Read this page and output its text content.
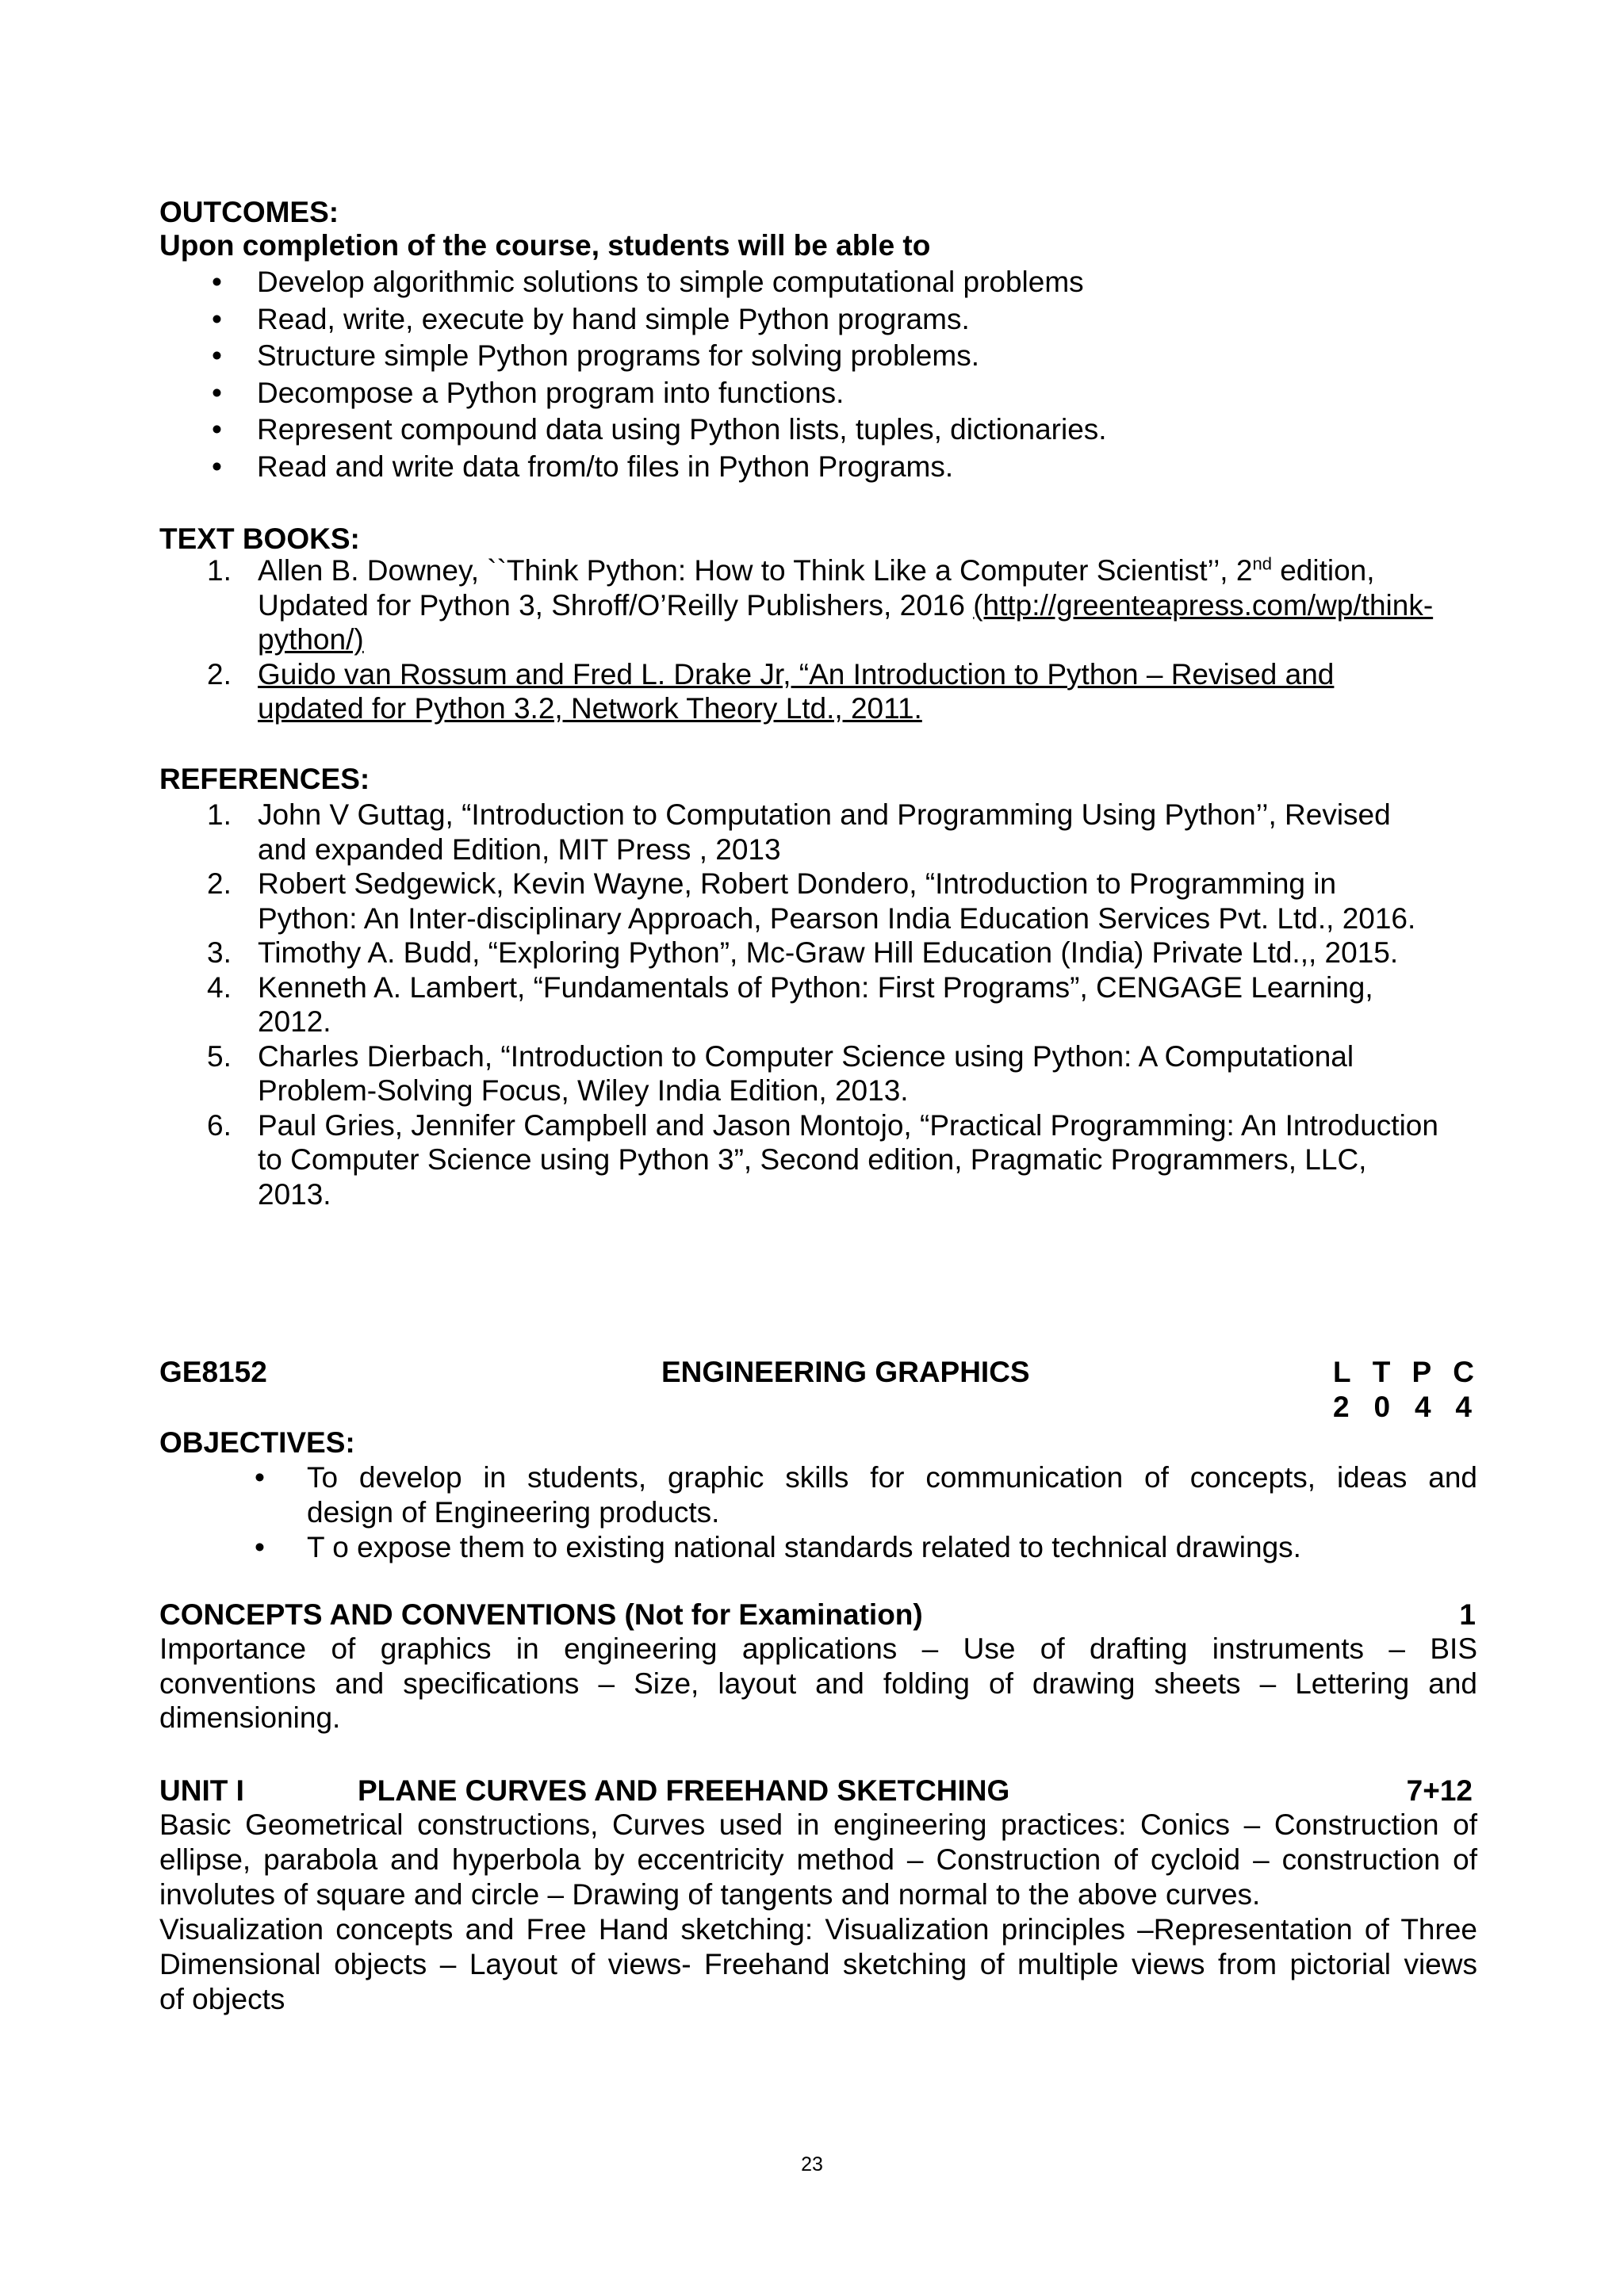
OUTCOMES:
Upon completion of the course, students will be able to
• Develop algorithmic solutions to simple computational problems
• Read, write, execute by hand simple Python programs.
• Structure simple Python programs for solving problems.
• Decompose a Python program into functions.
• Represent compound data using Python lists, tuples, dictionaries.
• Read and write data from/to files in Python Programs.
TEXT BOOKS:
1. Allen B. Downey, ``Think Python: How to Think Like a Computer Scientist’’, 2nd edition,
Updated for Python 3, Shroff/O’Reilly Publishers, 2016 (http://greenteapress.com/wp/think-
python/)
2. Guido van Rossum and Fred L. Drake Jr, “An Introduction to Python – Revised and
updated for Python 3.2, Network Theory Ltd., 2011.
REFERENCES:
1. John V Guttag, “Introduction to Computation and Programming Using Python’’, Revised
and expanded Edition, MIT Press , 2013
2. Robert Sedgewick, Kevin Wayne, Robert Dondero, “Introduction to Programming in
Python: An Inter-disciplinary Approach, Pearson India Education Services Pvt. Ltd., 2016.
3. Timothy A. Budd, “Exploring Python”, Mc-Graw Hill Education (India) Private Ltd.,, 2015.
4. Kenneth A. Lambert, “Fundamentals of Python: First Programs”, CENGAGE Learning,
2012.
5. Charles Dierbach, “Introduction to Computer Science using Python: A Computational
Problem-Solving Focus, Wiley India Edition, 2013.
6. Paul Gries, Jennifer Campbell and Jason Montojo, “Practical Programming: An Introduction
to Computer Science using Python 3”, Second edition, Pragmatic Programmers, LLC,
2013.
GE8152	ENGINEERING GRAPHICS	L T P C
2 0 4 4
OBJECTIVES:
• To develop in students, graphic skills for communication of concepts, ideas and
design of Engineering products.
• T o expose them to existing national standards related to technical drawings.
CONCEPTS AND CONVENTIONS (Not for Examination)	1
Importance of graphics in engineering applications – Use of drafting instruments – BIS
conventions and specifications – Size, layout and folding of drawing sheets – Lettering and
dimensioning.
UNIT I	PLANE CURVES AND FREEHAND SKETCHING	7+12
Basic Geometrical constructions, Curves used in engineering practices: Conics – Construction of
ellipse, parabola and hyperbola by eccentricity method – Construction of cycloid – construction of
involutes of square and circle – Drawing of tangents and normal to the above curves.
Visualization concepts and Free Hand sketching: Visualization principles –Representation of Three
Dimensional objects – Layout of views- Freehand sketching of multiple views from pictorial views
of objects
23
